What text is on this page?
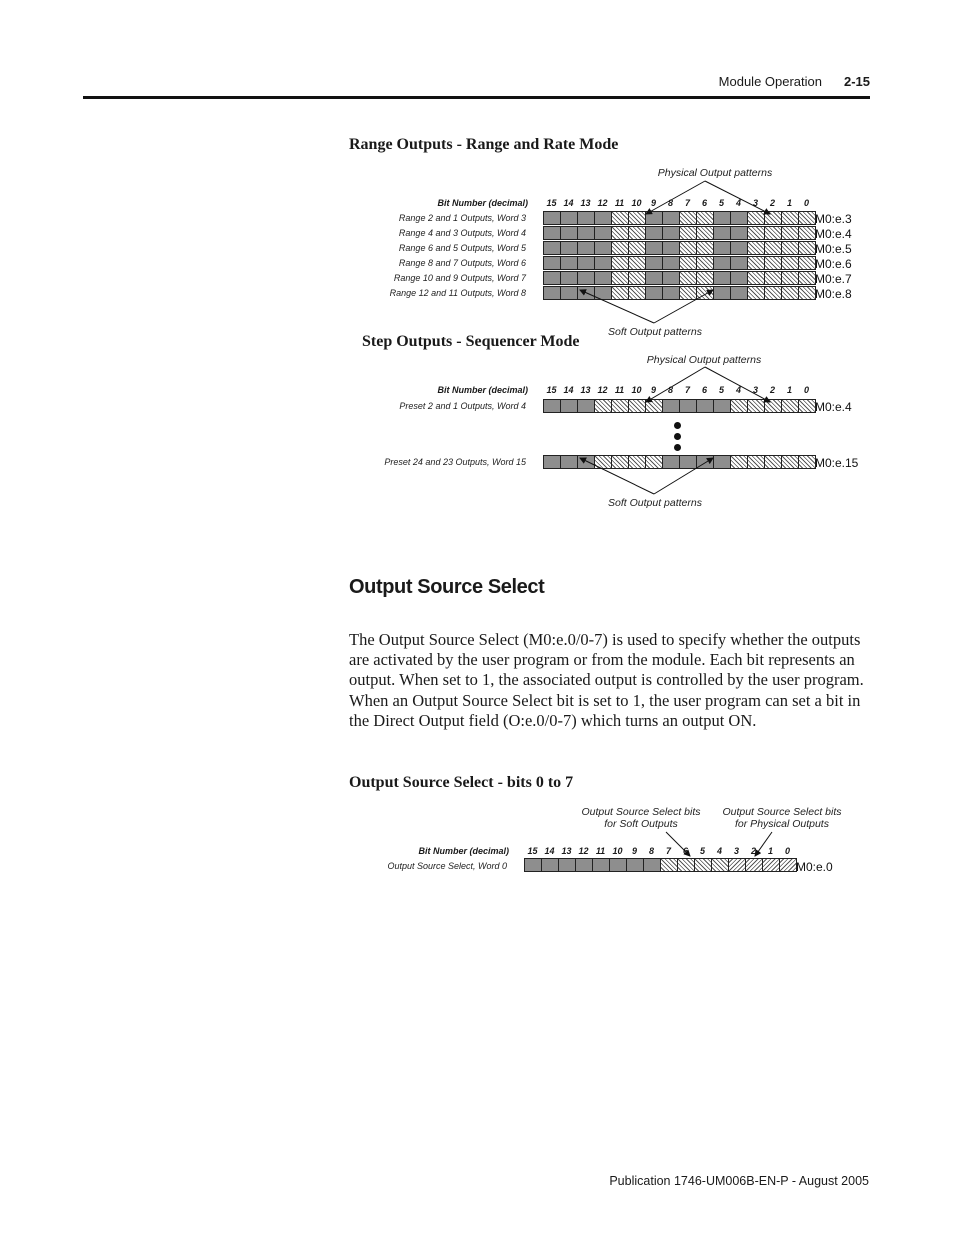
Module Operation 2-15
Range Outputs - Range and Rate Mode
Physical Output patterns
Bit Number (decimal)	15 14 13 12 11 10	9	8	7	6	5	4	3	2	1	0
Range 2 and 1 Outputs, Word 3	M0:e.3
Range 4 and 3 Outputs, Word 4	M0:e.4
Range 6 and 5 Outputs, Word 5	M0:e.5
Range 8 and 7 Outputs, Word 6	M0:e.6
Range 10 and 9 Outputs, Word 7	M0:e.7
Range 12 and 11 Outputs, Word 8	M0:e.8
Soft Output patterns
Step Outputs - Sequencer Mode
Physical Output patterns
Bit Number (decimal)	15 14 13 12 11 10	9	8	7	6	5	4	3	2	1	0
Preset 2 and 1 Outputs, Word 4	M0:e.4
Preset 24 and 23 Outputs, Word 15	M0:e.15
Soft Output patterns
Output Source Select
The Output Source Select (M0:e.0/0-7) is used to specify whether the outputs are activated by the user program or from the module. Each bit represents an output. When set to 1, the associated output is controlled by the user program. When an Output Source Select bit is set to 1, the user program can set a bit in the Direct Output field (O:e.0/0-7) which turns an output ON.
Output Source Select - bits 0 to 7
Output Source Select bits for Soft Outputs
Output Source Select bits for Physical Outputs
Bit Number (decimal)	15 14 13 12 11 10	9	8	7	6	5	4	3	2	1	0
Output Source Select, Word 0	M0:e.0
Publication 1746-UM006B-EN-P - August 2005
